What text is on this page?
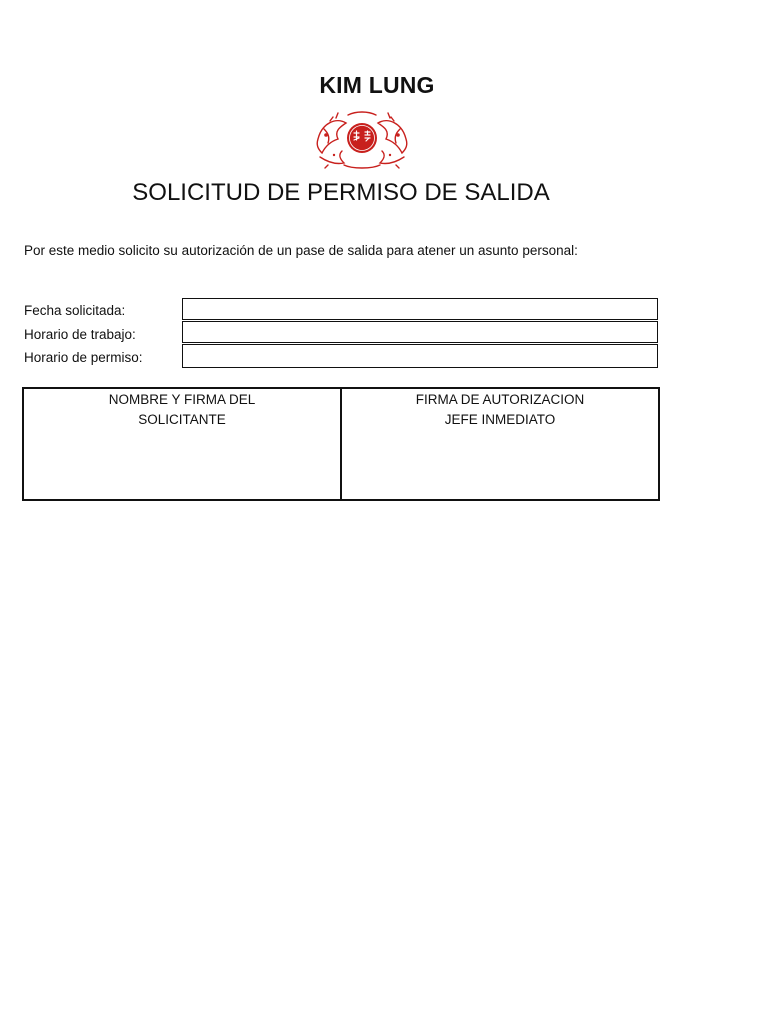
KIM LUNG
SOLICITUD DE PERMISO DE SALIDA
Por este medio solicito su autorización de un pase de salida para atener un asunto personal:
Fecha solicitada:
Horario de trabajo:
Horario de permiso:
NOMBRE Y FIRMA DEL
SOLICITANTE
FIRMA DE AUTORIZACION
JEFE INMEDIATO
